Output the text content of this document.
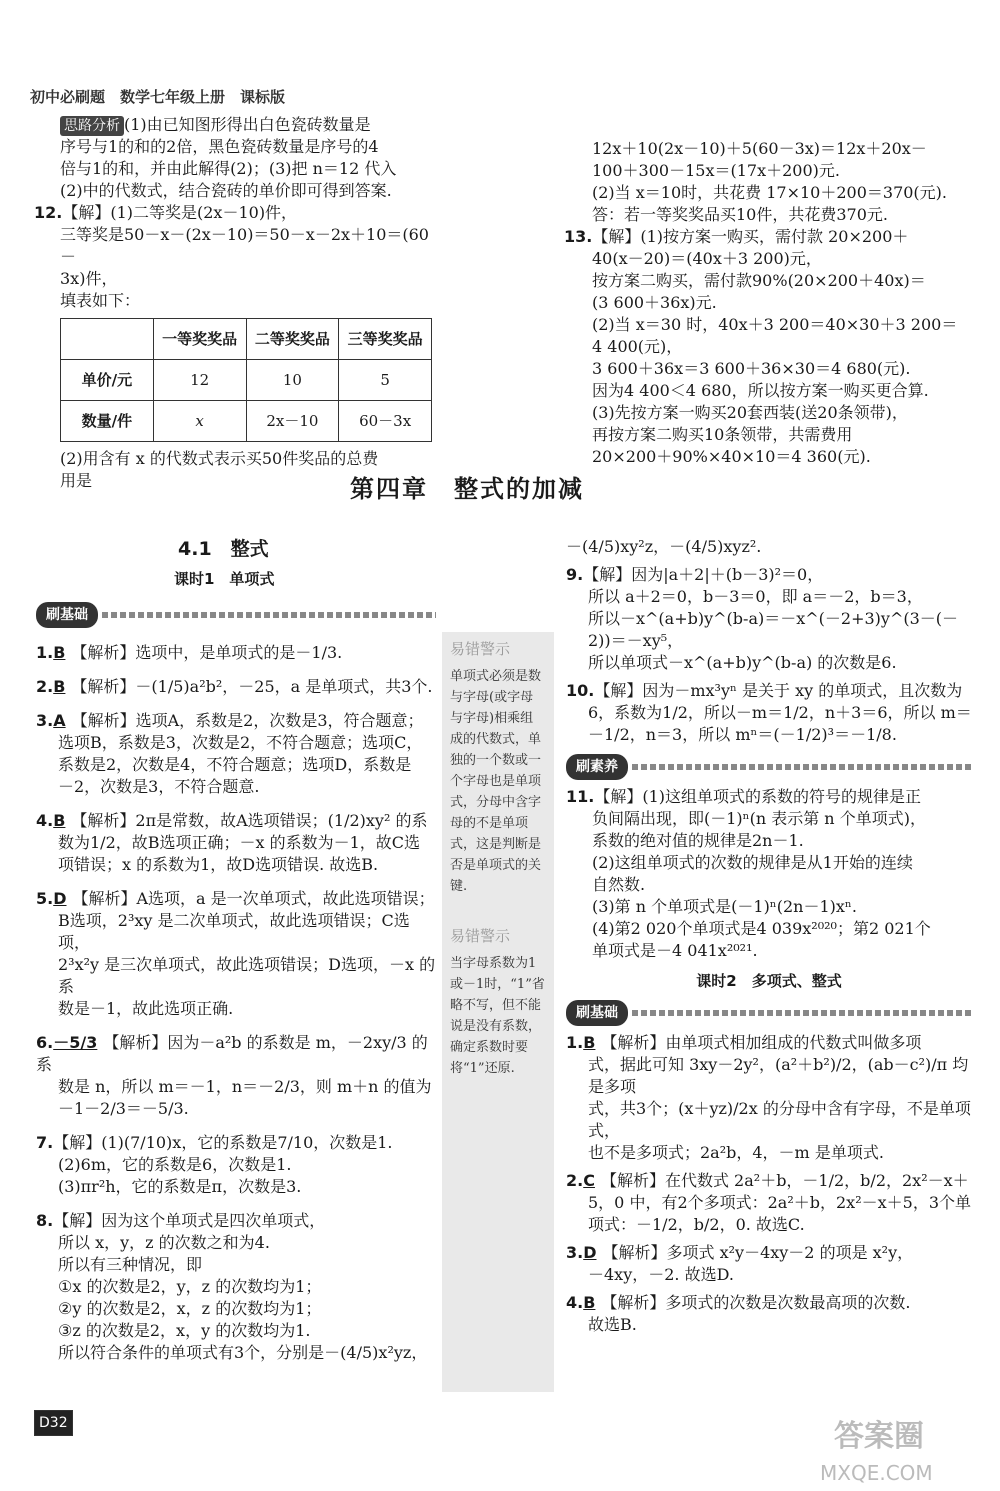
初中必刷题　数学七年级上册　课标版
思路分析 (1)由已知图形得出白色瓷砖数量是
序号与1的和的2倍，黑色瓷砖数量是序号的4
倍与1的和，并由此解得(2)；(3)把 n＝12 代入
(2)中的代数式，结合瓷砖的单价即可得到答案.
12.【解】(1)二等奖是(2x－10)件，
三等奖是50－x－(2x－10)＝50－x－2x＋10＝(60－
3x)件，
填表如下：
	一等奖奖品	二等奖奖品	三等奖奖品
单价/元	12	10	5
数量/件	x	2x－10	60－3x
(2)用含有 x 的代数式表示买50件奖品的总费
用是
12x＋10(2x－10)＋5(60－3x)＝12x＋20x－
100＋300－15x＝(17x＋200)元.
(2)当 x＝10时，共花费 17×10＋200＝370(元).
答：若一等奖奖品买10件，共花费370元.
13.【解】(1)按方案一购买，需付款 20×200＋
40(x－20)＝(40x＋3 200)元，
按方案二购买，需付款90%(20×200＋40x)＝
(3 600＋36x)元.
(2)当 x＝30 时，40x＋3 200＝40×30＋3 200＝
4 400(元)，
3 600＋36x＝3 600＋36×30＝4 680(元).
因为4 400＜4 680，所以按方案一购买更合算.
(3)先按方案一购买20套西装(送20条领带)，
再按方案二购买10条领带，共需费用
20×200＋90%×40×10＝4 360(元).
第四章　整式的加减
4.1　整式
课时1　单项式
刷基础
1.B 【解析】选项中，是单项式的是－1/3.
2.B 【解析】－(1/5)a²b²，－25，a 是单项式，共3个.
3.A 【解析】选项A，系数是2，次数是3，符合题意；
选项B，系数是3，次数是2，不符合题意；选项C，
系数是2，次数是4，不符合题意；选项D，系数是
－2，次数是3，不符合题意.
4.B 【解析】2π是常数，故A选项错误；(1/2)xy² 的系
数为1/2，故B选项正确；－x 的系数为－1，故C选
项错误；x 的系数为1，故D选项错误. 故选B.
5.D 【解析】A选项，a 是一次单项式，故此选项错误；
B选项，2³xy 是二次单项式，故此选项错误；C选项，
2³x²y 是三次单项式，故此选项错误；D选项，－x 的系
数是－1，故此选项正确.
6.－5/3 【解析】因为－a²b 的系数是 m，－2xy/3 的系
数是 n，所以 m＝－1，n＝－2/3，则 m＋n 的值为
－1－2/3＝－5/3.
7.【解】(1)(7/10)x，它的系数是7/10，次数是1.
(2)6m，它的系数是6，次数是1.
(3)πr²h，它的系数是π，次数是3.
8.【解】因为这个单项式是四次单项式，
所以 x，y，z 的次数之和为4.
所以有三种情况，即
①x 的次数是2，y，z 的次数均为1；
②y 的次数是2，x，z 的次数均为1；
③z 的次数是2，x，y 的次数均为1.
所以符合条件的单项式有3个，分别是－(4/5)x²yz，
易错警示
单项式必须是数与字母(或字母与字母)相乘组成的代数式，单独的一个数或一个字母也是单项式，分母中含字母的不是单项式，这是判断是否是单项式的关键.
易错警示
当字母系数为1或－1时，“1”省略不写，但不能说是没有系数，确定系数时要将“1”还原.
－(4/5)xy²z，－(4/5)xyz².
9.【解】因为|a＋2|＋(b－3)²＝0，
所以 a＋2＝0，b－3＝0，即 a＝－2，b＝3，
所以－x^(a+b)y^(b-a)＝－x^(－2+3)y^(3－(－2))＝－xy⁵，
所以单项式－x^(a+b)y^(b-a) 的次数是6.
10.【解】因为－mx³yⁿ 是关于 xy 的单项式，且次数为
6，系数为1/2，所以－m＝1/2，n＋3＝6，所以 m＝
－1/2，n＝3，所以 mⁿ＝(－1/2)³＝－1/8.
刷素养
11.【解】(1)这组单项式的系数的符号的规律是正
负间隔出现，即(－1)ⁿ(n 表示第 n 个单项式)，
系数的绝对值的规律是2n－1.
(2)这组单项式的次数的规律是从1开始的连续
自然数.
(3)第 n 个单项式是(－1)ⁿ(2n－1)xⁿ.
(4)第2 020个单项式是4 039x²⁰²⁰；第2 021个
单项式是－4 041x²⁰²¹.
课时2　多项式、整式
刷基础
1.B 【解析】由单项式相加组成的代数式叫做多项
式，据此可知 3xy－2y²，(a²＋b²)/2，(ab－c²)/π 均是多项
式，共3个；(x＋yz)/2x 的分母中含有字母，不是单项式，
也不是多项式；2a²b，4，－m 是单项式.
2.C 【解析】在代数式 2a²＋b，－1/2，b/2，2x²－x＋
5，0 中，有2个多项式：2a²＋b，2x²－x＋5，3个单
项式：－1/2，b/2，0. 故选C.
3.D 【解析】多项式 x²y－4xy－2 的项是 x²y，
－4xy，－2. 故选D.
4.B 【解析】多项式的次数是次数最高项的次数.
故选B.
D32	答案圈
MXQE.COM
